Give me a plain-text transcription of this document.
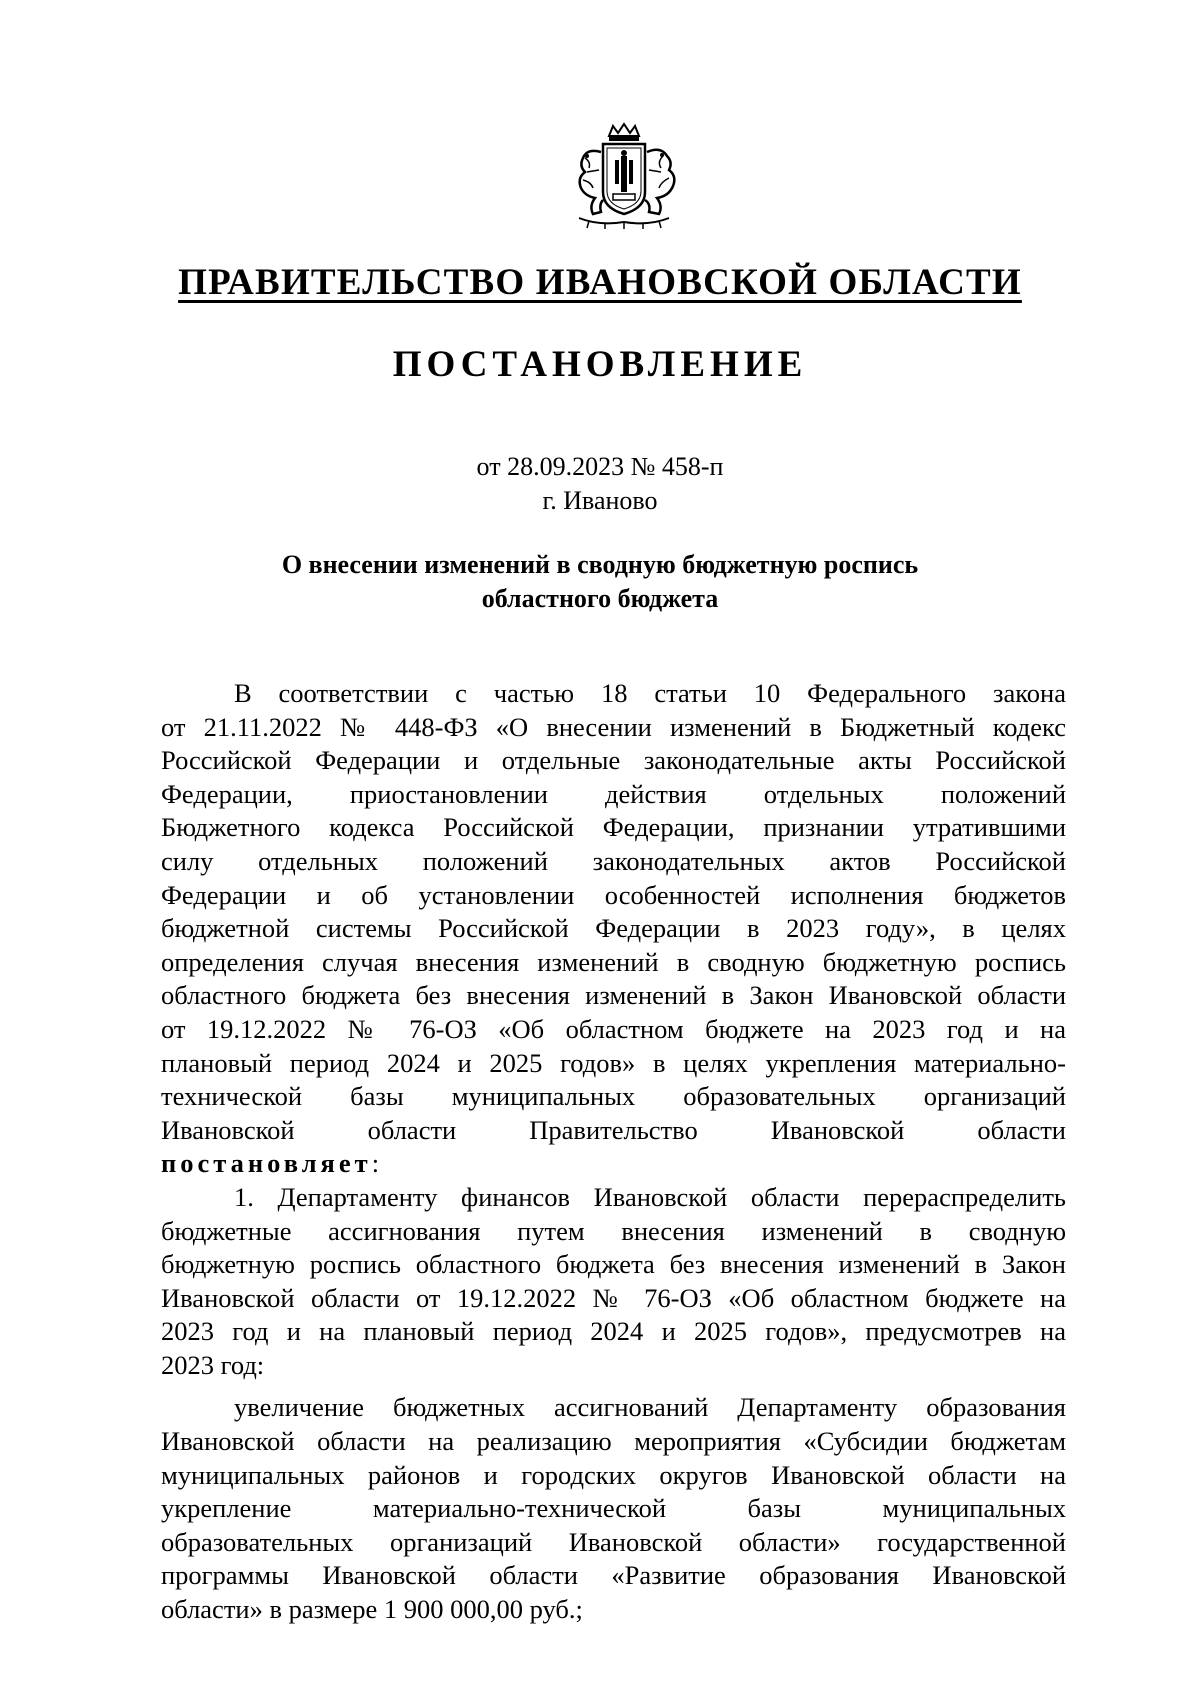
ПРАВИТЕЛЬСТВО ИВАНОВСКОЙ ОБЛАСТИ
ПОСТАНОВЛЕНИЕ
от 28.09.2023 № 458-п
г. Иваново
О внесении изменений в сводную бюджетную роспись
областного бюджета
В соответствии с частью 18 статьи 10 Федерального закона
от 21.11.2022 № 448-ФЗ «О внесении изменений в Бюджетный кодекс
Российской Федерации и отдельные законодательные акты Российской
Федерации, приостановлении действия отдельных положений
Бюджетного кодекса Российской Федерации, признании утратившими
силу отдельных положений законодательных актов Российской
Федерации и об установлении особенностей исполнения бюджетов
бюджетной системы Российской Федерации в 2023 году», в целях
определения случая внесения изменений в сводную бюджетную роспись
областного бюджета без внесения изменений в Закон Ивановской области
от 19.12.2022 № 76-ОЗ «Об областном бюджете на 2023 год и на
плановый период 2024 и 2025 годов» в целях укрепления материально-
технической базы муниципальных образовательных организаций
Ивановской области Правительство Ивановской области
постановляет:
1. Департаменту финансов Ивановской области перераспределить
бюджетные ассигнования путем внесения изменений в сводную
бюджетную роспись областного бюджета без внесения изменений в Закон
Ивановской области от 19.12.2022 № 76-ОЗ «Об областном бюджете на
2023 год и на плановый период 2024 и 2025 годов», предусмотрев на
2023 год:
увеличение бюджетных ассигнований Департаменту образования
Ивановской области на реализацию мероприятия «Субсидии бюджетам
муниципальных районов и городских округов Ивановской области на
укрепление материально-технической базы муниципальных
образовательных организаций Ивановской области» государственной
программы Ивановской области «Развитие образования Ивановской
области» в размере 1 900 000,00 руб.;
